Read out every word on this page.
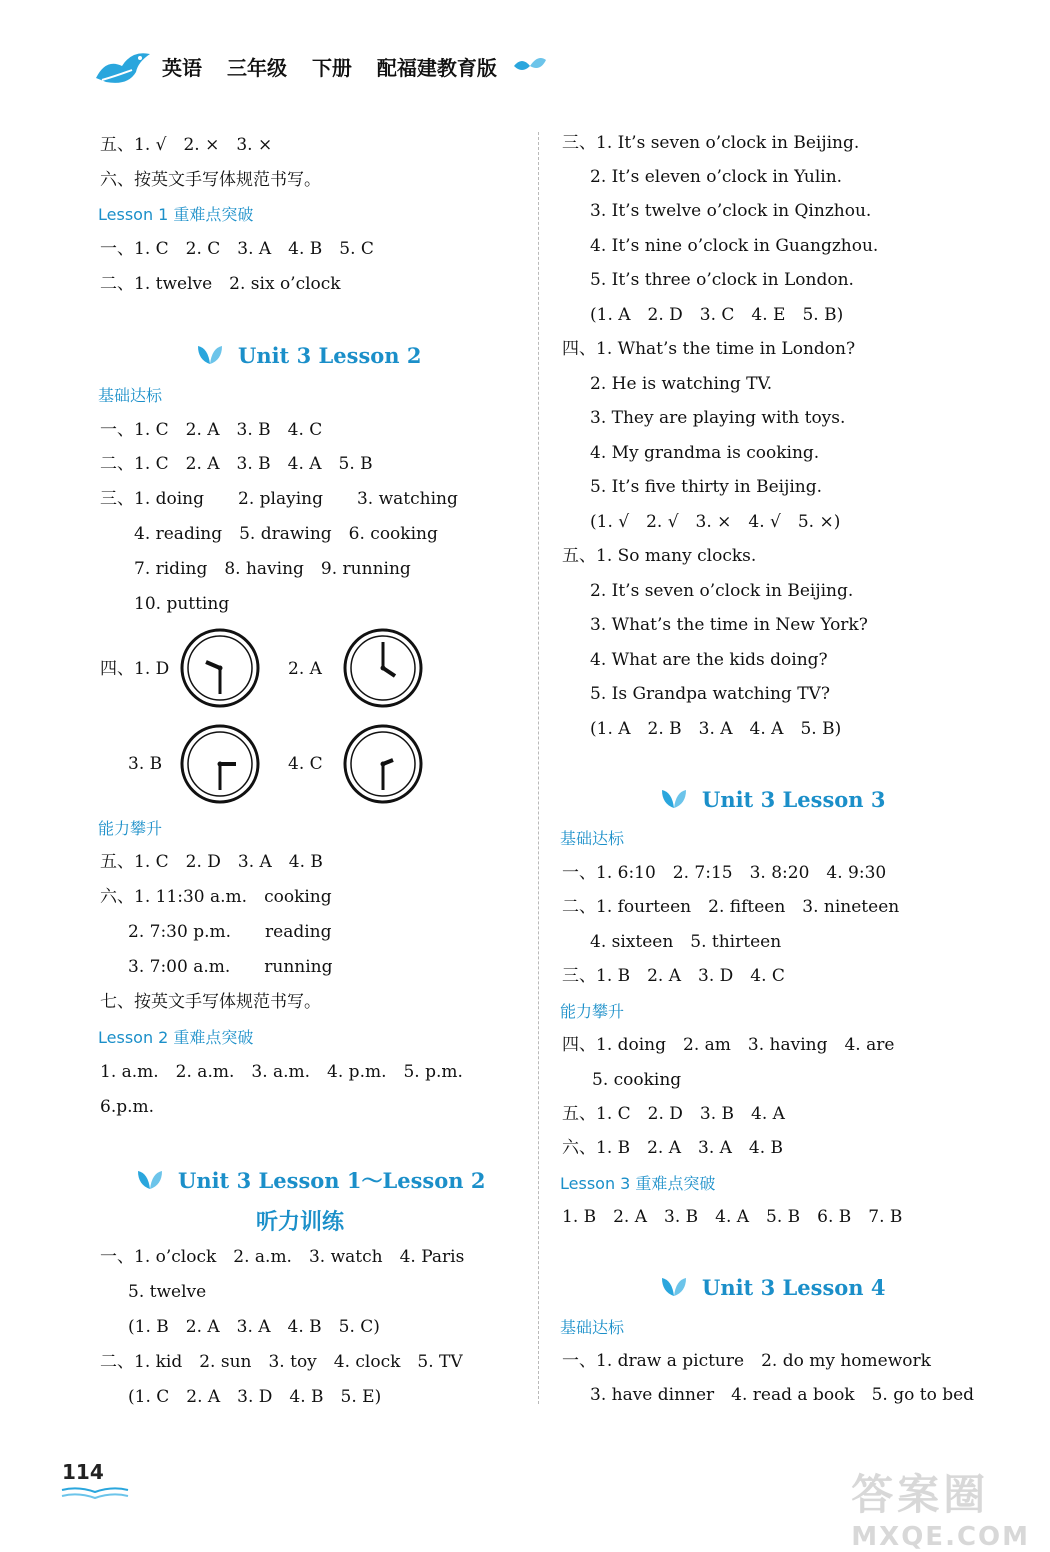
英语 三年级 下册 配福建教育版
五、1. √　2. ×　3. ×
六、按英文手写体规范书写。
Lesson 1 重难点突破
一、1. C　2. C　3. A　4. B　5. C
二、1. twelve　2. six o’clock
Unit 3 Lesson 2
基础达标
一、1. C　2. A　3. B　4. C
二、1. C　2. A　3. B　4. A　5. B
三、1. doing　　2. playing　　3. watching
4. reading　5. drawing　6. cooking
7. riding　8. having　9. running
10. putting
四、1. D	2. A
3. B	4. C
能力攀升
五、1. C　2. D　3. A　4. B
六、1. 11:30 a.m.　cooking
2. 7:30 p.m.　　reading
3. 7:00 a.m.　　running
七、按英文手写体规范书写。
Lesson 2 重难点突破
1. a.m.　2. a.m.　3. a.m.　4. p.m.　5. p.m.
6.p.m.
Unit 3 Lesson 1～Lesson 2
听力训练
一、1. o’clock　2. a.m.　3. watch　4. Paris
5. twelve
(1. B　2. A　3. A　4. B　5. C)
二、1. kid　2. sun　3. toy　4. clock　5. TV
(1. C　2. A　3. D　4. B　5. E)
三、1. It’s seven o’clock in Beijing.
2. It’s eleven o’clock in Yulin.
3. It’s twelve o’clock in Qinzhou.
4. It’s nine o’clock in Guangzhou.
5. It’s three o’clock in London.
(1. A　2. D　3. C　4. E　5. B)
四、1. What’s the time in London?
2. He is watching TV.
3. They are playing with toys.
4. My grandma is cooking.
5. It’s five thirty in Beijing.
(1. √　2. √　3. ×　4. √　5. ×)
五、1. So many clocks.
2. It’s seven o’clock in Beijing.
3. What’s the time in New York?
4. What are the kids doing?
5. Is Grandpa watching TV?
(1. A　2. B　3. A　4. A　5. B)
Unit 3 Lesson 3
基础达标
一、1. 6:10　2. 7:15　3. 8:20　4. 9:30
二、1. fourteen　2. fifteen　3. nineteen
4. sixteen　5. thirteen
三、1. B　2. A　3. D　4. C
能力攀升
四、1. doing　2. am　3. having　4. are
5. cooking
五、1. C　2. D　3. B　4. A
六、1. B　2. A　3. A　4. B
Lesson 3 重难点突破
1. B　2. A　3. B　4. A　5. B　6. B　7. B
Unit 3 Lesson 4
基础达标
一、1. draw a picture　2. do my homework
3. have dinner　4. read a book　5. go to bed
114	答案圈
MXQE.COM
